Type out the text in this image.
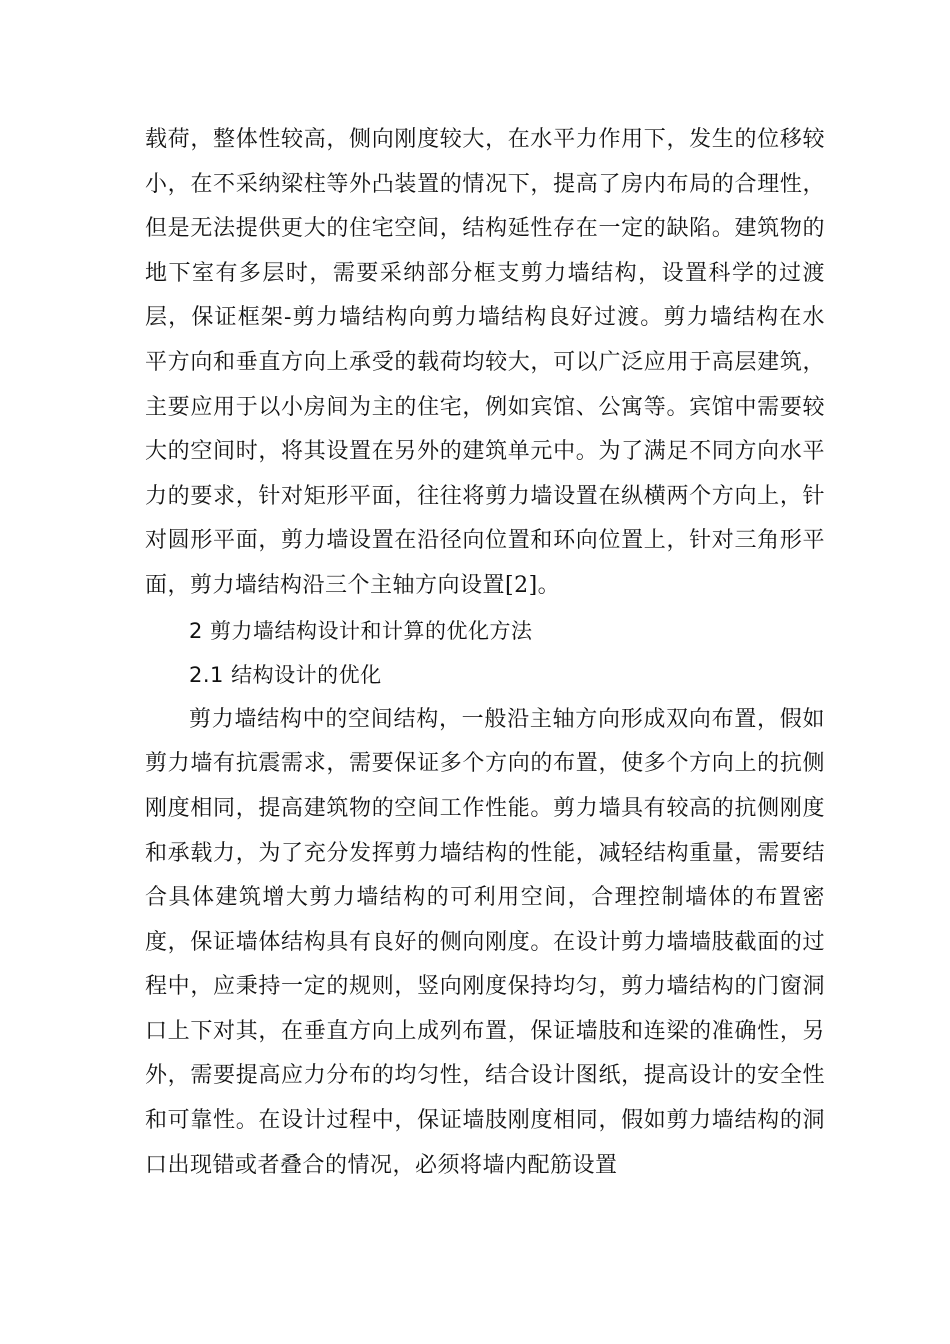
载荷，整体性较高，侧向刚度较大，在水平力作用下，发生的位移较小，在不采纳梁柱等外凸装置的情况下，提高了房内布局的合理性，但是无法提供更大的住宅空间，结构延性存在一定的缺陷。建筑物的地下室有多层时，需要采纳部分框支剪力墙结构，设置科学的过渡层，保证框架-剪力墙结构向剪力墙结构良好过渡。剪力墙结构在水平方向和垂直方向上承受的载荷均较大，可以广泛应用于高层建筑，主要应用于以小房间为主的住宅，例如宾馆、公寓等。宾馆中需要较大的空间时，将其设置在另外的建筑单元中。为了满足不同方向水平力的要求，针对矩形平面，往往将剪力墙设置在纵横两个方向上，针对圆形平面，剪力墙设置在沿径向位置和环向位置上，针对三角形平面，剪力墙结构沿三个主轴方向设置[2]。

2 剪力墙结构设计和计算的优化方法

2.1 结构设计的优化

剪力墙结构中的空间结构，一般沿主轴方向形成双向布置，假如剪力墙有抗震需求，需要保证多个方向的布置，使多个方向上的抗侧刚度相同，提高建筑物的空间工作性能。剪力墙具有较高的抗侧刚度和承载力，为了充分发挥剪力墙结构的性能，减轻结构重量，需要结合具体建筑增大剪力墙结构的可利用空间，合理控制墙体的布置密度，保证墙体结构具有良好的侧向刚度。在设计剪力墙墙肢截面的过程中，应秉持一定的规则，竖向刚度保持均匀，剪力墙结构的门窗洞口上下对其，在垂直方向上成列布置，保证墙肢和连梁的准确性，另外，需要提高应力分布的均匀性，结合设计图纸，提高设计的安全性和可靠性。在设计过程中，保证墙肢刚度相同，假如剪力墙结构的洞口出现错或者叠合的情况，必须将墙内配筋设置
